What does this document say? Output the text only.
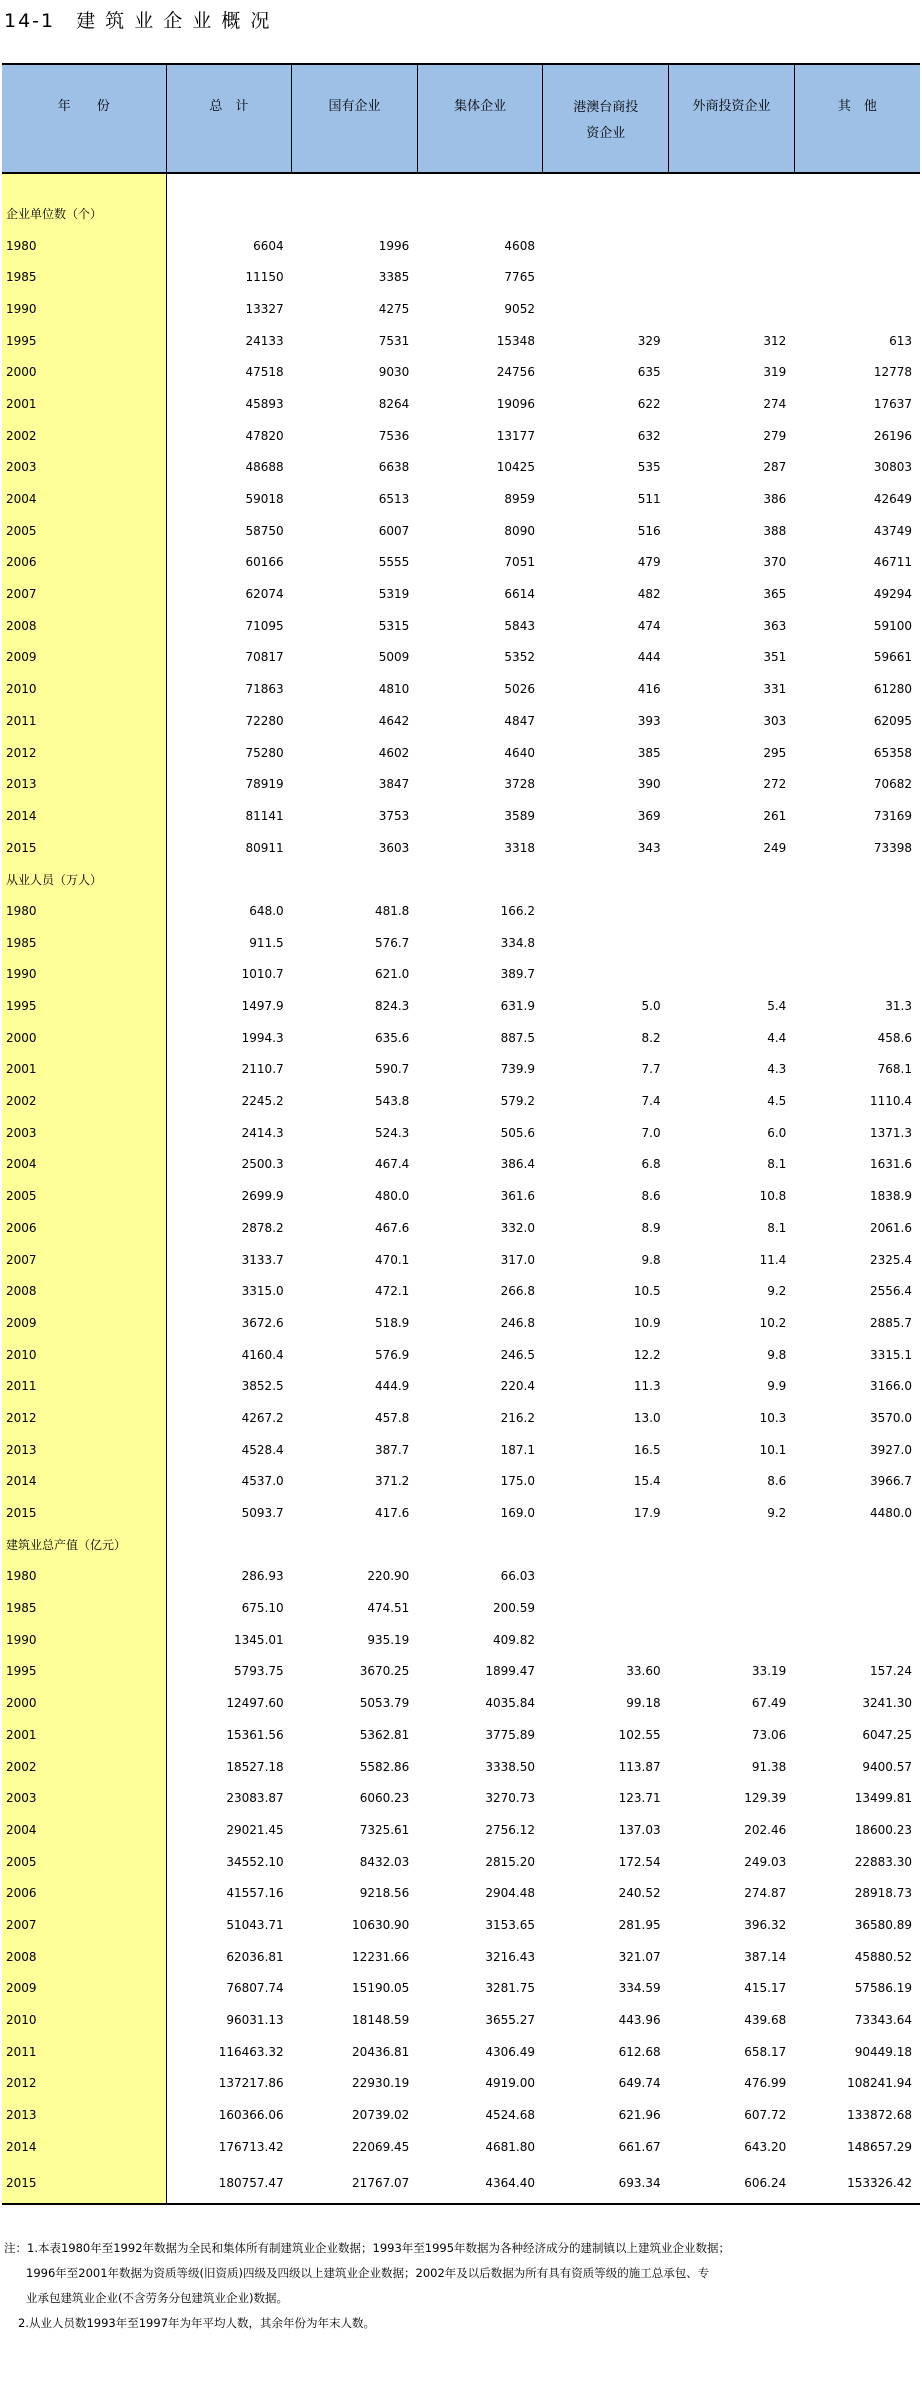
14-1　建 筑 业 企 业 概 况
年　　份	总　计	国有企业	集体企业	港澳台商投资企业	外商投资企业	其　他

企业单位数（个）						
1980	6604	1996	4608			
1985	11150	3385	7765			
1990	13327	4275	9052			
1995	24133	7531	15348	329	312	613
2000	47518	9030	24756	635	319	12778
2001	45893	8264	19096	622	274	17637
2002	47820	7536	13177	632	279	26196
2003	48688	6638	10425	535	287	30803
2004	59018	6513	8959	511	386	42649
2005	58750	6007	8090	516	388	43749
2006	60166	5555	7051	479	370	46711
2007	62074	5319	6614	482	365	49294
2008	71095	5315	5843	474	363	59100
2009	70817	5009	5352	444	351	59661
2010	71863	4810	5026	416	331	61280
2011	72280	4642	4847	393	303	62095
2012	75280	4602	4640	385	295	65358
2013	78919	3847	3728	390	272	70682
2014	81141	3753	3589	369	261	73169
2015	80911	3603	3318	343	249	73398
从业人员（万人）						
1980	648.0	481.8	166.2			
1985	911.5	576.7	334.8			
1990	1010.7	621.0	389.7			
1995	1497.9	824.3	631.9	5.0	5.4	31.3
2000	1994.3	635.6	887.5	8.2	4.4	458.6
2001	2110.7	590.7	739.9	7.7	4.3	768.1
2002	2245.2	543.8	579.2	7.4	4.5	1110.4
2003	2414.3	524.3	505.6	7.0	6.0	1371.3
2004	2500.3	467.4	386.4	6.8	8.1	1631.6
2005	2699.9	480.0	361.6	8.6	10.8	1838.9
2006	2878.2	467.6	332.0	8.9	8.1	2061.6
2007	3133.7	470.1	317.0	9.8	11.4	2325.4
2008	3315.0	472.1	266.8	10.5	9.2	2556.4
2009	3672.6	518.9	246.8	10.9	10.2	2885.7
2010	4160.4	576.9	246.5	12.2	9.8	3315.1
2011	3852.5	444.9	220.4	11.3	9.9	3166.0
2012	4267.2	457.8	216.2	13.0	10.3	3570.0
2013	4528.4	387.7	187.1	16.5	10.1	3927.0
2014	4537.0	371.2	175.0	15.4	8.6	3966.7
2015	5093.7	417.6	169.0	17.9	9.2	4480.0
建筑业总产值（亿元）						
1980	286.93	220.90	66.03			
1985	675.10	474.51	200.59			
1990	1345.01	935.19	409.82			
1995	5793.75	3670.25	1899.47	33.60	33.19	157.24
2000	12497.60	5053.79	4035.84	99.18	67.49	3241.30
2001	15361.56	5362.81	3775.89	102.55	73.06	6047.25
2002	18527.18	5582.86	3338.50	113.87	91.38	9400.57
2003	23083.87	6060.23	3270.73	123.71	129.39	13499.81
2004	29021.45	7325.61	2756.12	137.03	202.46	18600.23
2005	34552.10	8432.03	2815.20	172.54	249.03	22883.30
2006	41557.16	9218.56	2904.48	240.52	274.87	28918.73
2007	51043.71	10630.90	3153.65	281.95	396.32	36580.89
2008	62036.81	12231.66	3216.43	321.07	387.14	45880.52
2009	76807.74	15190.05	3281.75	334.59	415.17	57586.19
2010	96031.13	18148.59	3655.27	443.96	439.68	73343.64
2011	116463.32	20436.81	4306.49	612.68	658.17	90449.18
2012	137217.86	22930.19	4919.00	649.74	476.99	108241.94
2013	160366.06	20739.02	4524.68	621.96	607.72	133872.68
2014	176713.42	22069.45	4681.80	661.67	643.20	148657.29
2015	180757.47	21767.07	4364.40	693.34	606.24	153326.42
注：1.本表1980年至1992年数据为全民和集体所有制建筑业企业数据；1993年至1995年数据为各种经济成分的建制镇以上建筑业企业数据；
1996年至2001年数据为资质等级(旧资质)四级及四级以上建筑业企业数据；2002年及以后数据为所有具有资质等级的施工总承包、专
业承包建筑业企业(不含劳务分包建筑业企业)数据。
2.从业人员数1993年至1997年为年平均人数，其余年份为年末人数。
